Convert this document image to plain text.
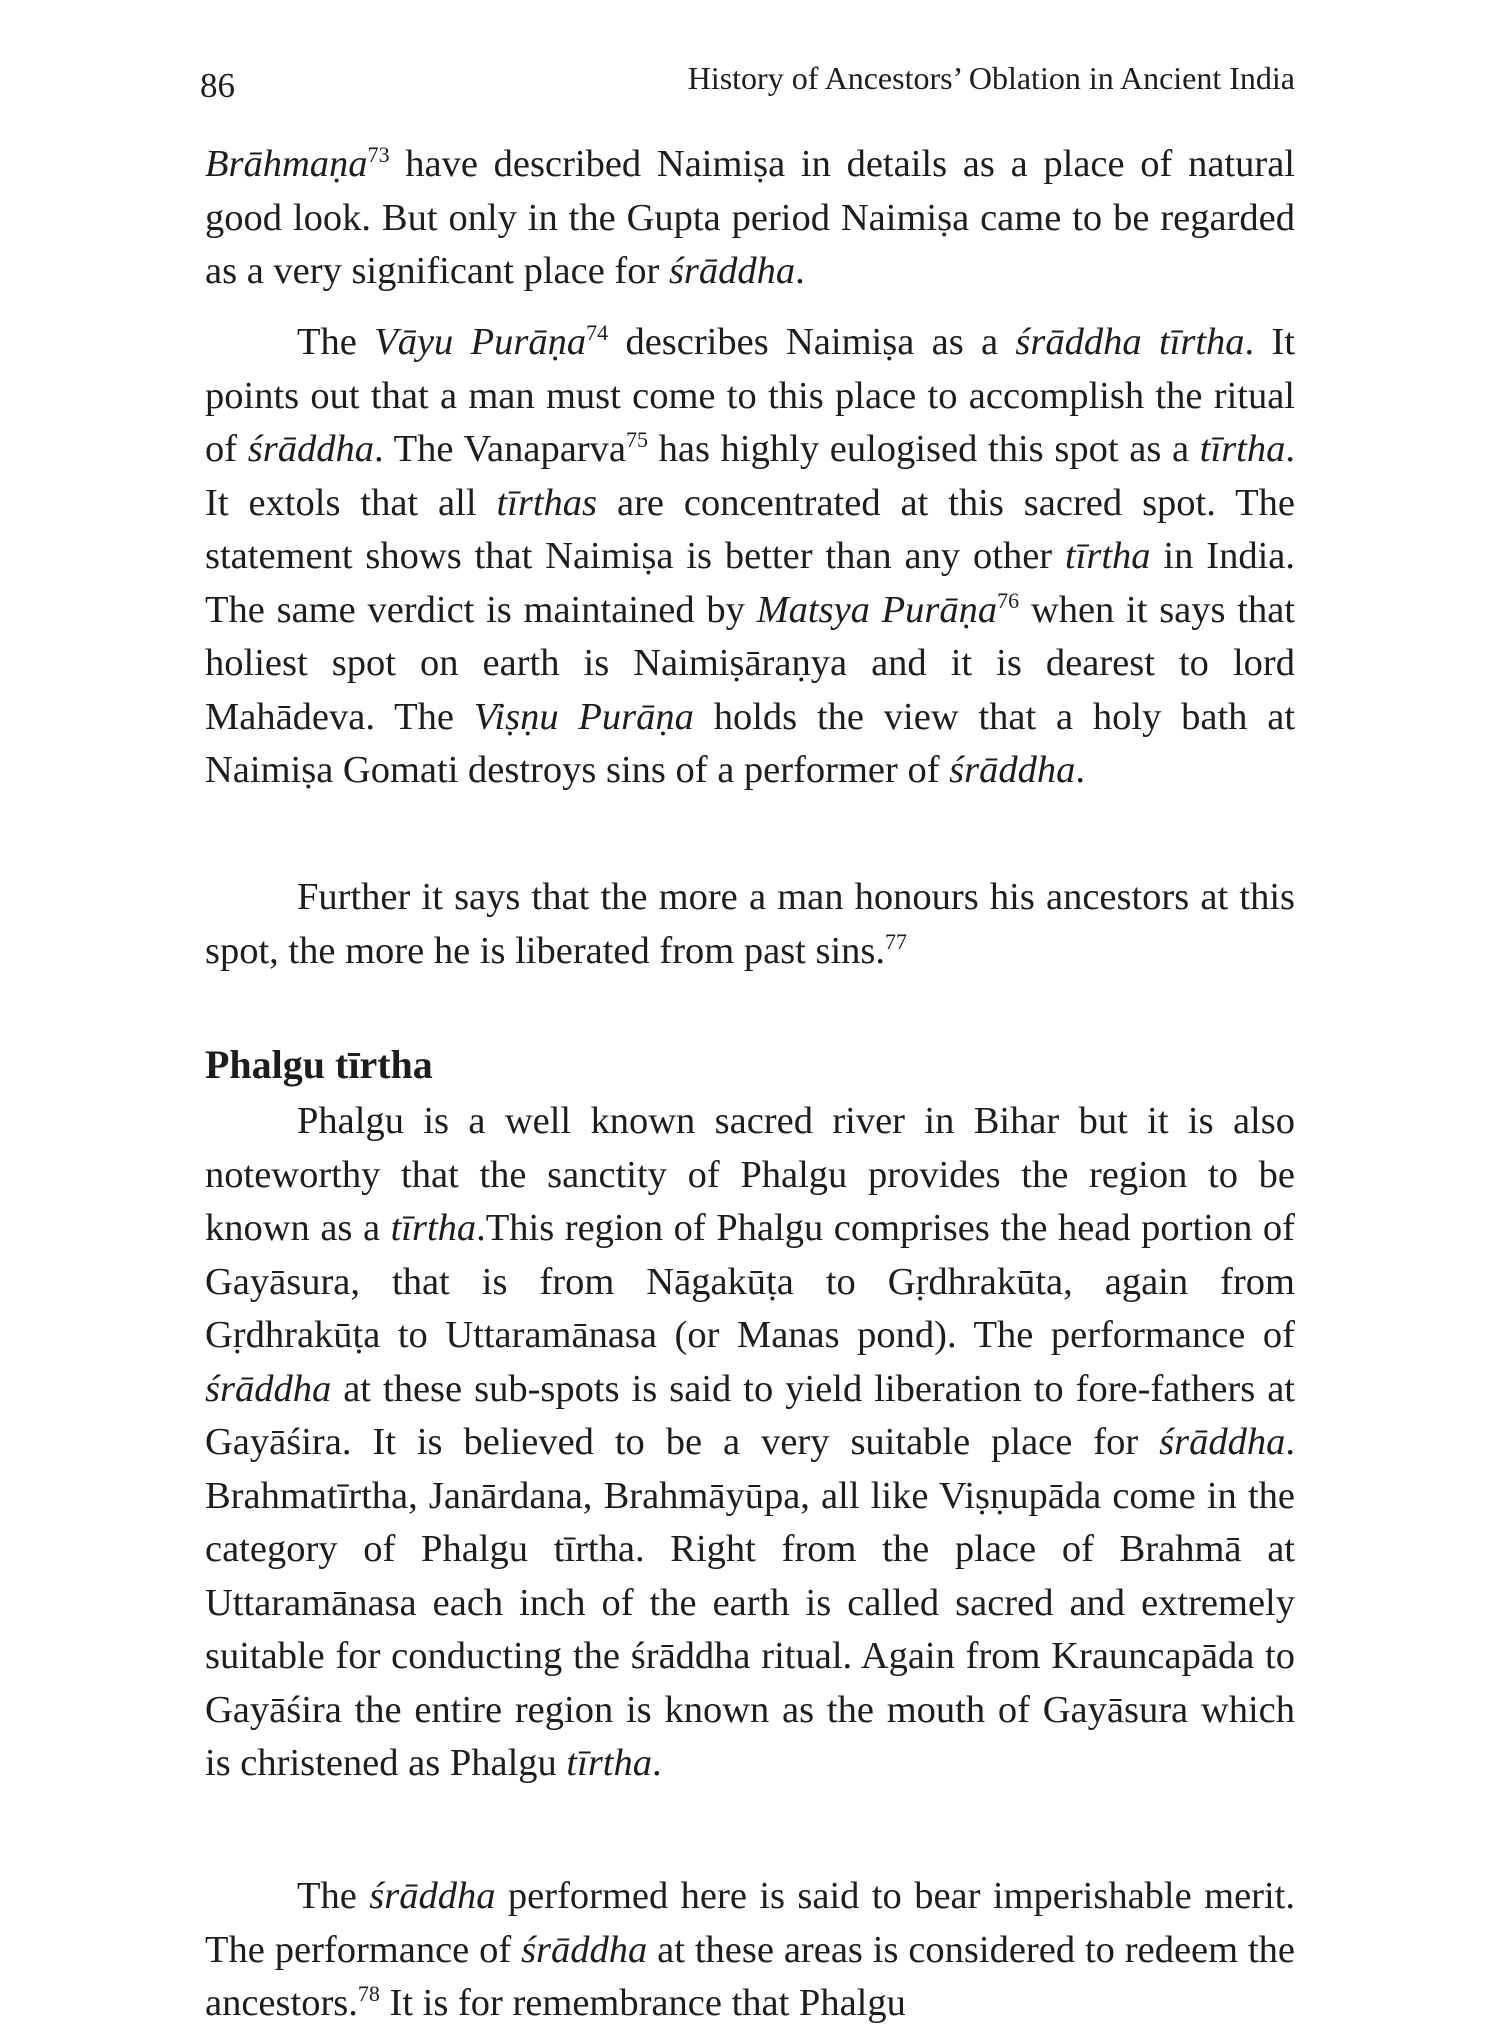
86	History of Ancestors’ Oblation in Ancient India

Brāhmaṇa$^{73}$ have described Naimiṣa in details as a place of natural good look. But only in the Gupta period Naimiṣa came to be regarded as a very significant place for śrāddha.

The Vāyu Purāṇa$^{74}$ describes Naimiṣa as a śrāddha tīrtha. It points out that a man must come to this place to accomplish the ritual of śrāddha. The Vanaparva$^{75}$ has highly eulogised this spot as a tīrtha. It extols that all tīrthas are concentrated at this sacred spot. The statement shows that Naimiṣa is better than any other tīrtha in India. The same verdict is maintained by Matsya Purāṇa$^{76}$ when it says that holiest spot on earth is Naimiṣāraṇya and it is dearest to lord Mahādeva. The Viṣṇu Purāṇa holds the view that a holy bath at Naimiṣa Gomati destroys sins of a performer of śrāddha.

Further it says that the more a man honours his ancestors at this spot, the more he is liberated from past sins.$^{77}$

Phalgu tīrtha

Phalgu is a well known sacred river in Bihar but it is also noteworthy that the sanctity of Phalgu provides the region to be known as a tīrtha.This region of Phalgu comprises the head portion of Gayāsura, that is from Nāgakūṭa to Gṛdhrakūta, again from Gṛdhrakūṭa to Uttaramānasa (or Manas pond). The performance of śrāddha at these sub-spots is said to yield liberation to fore-fathers at Gayāśira. It is believed to be a very suitable place for śrāddha. Brahmatīrtha, Janārdana, Brahmāyūpa, all like Viṣṇupāda come in the category of Phalgu tīrtha. Right from the place of Brahmā at Uttaramānasa each inch of the earth is called sacred and extremely suitable for conducting the śrāddha ritual. Again from Krauncapāda to Gayāśira the entire region is known as the mouth of Gayāsura which is christened as Phalgu tīrtha.

The śrāddha performed here is said to bear imperishable merit. The performance of śrāddha at these areas is considered to redeem the ancestors.$^{78}$ It is for remembrance that Phalgu
